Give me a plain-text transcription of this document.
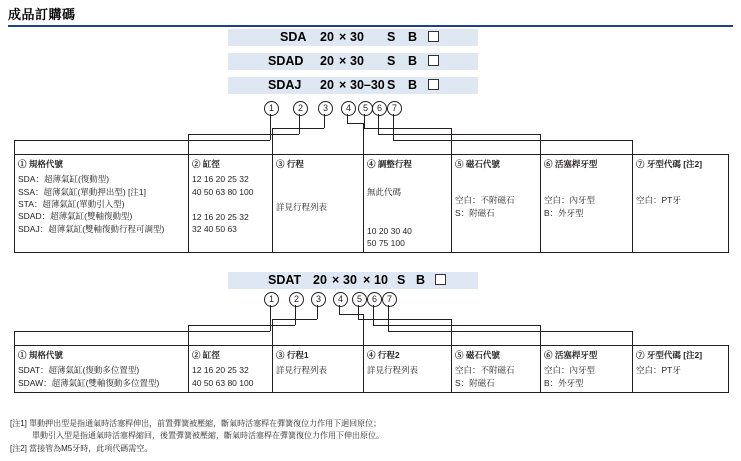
成品訂購碼
SDA 20 × 30 S B
SDAD 20 × 30 S B
SDAJ 20 × 30–30 S B
1	2	3	4	5 6	7
① 規格代號
SDA：超薄氣缸(復動型)
SSA：超薄氣缸(單動押出型) [注1]
STA：超薄氣缸(單動引入型)
SDAD：超薄氣缸(雙軸復動型)
SDAJ：超薄氣缸(雙軸復動行程可調型)

② 缸徑
12 16 20 25 32
40 50 63 80 100
12 16 20 25 32
32 40 50 63

③ 行程
詳見行程列表

④ 調整行程
無此代碼
10 20 30 40
50 75 100

⑤ 磁石代號
空白：不附磁石
S：附磁石

⑥ 活塞桿牙型
空白：內牙型
B：外牙型

⑦ 牙型代碼 [注2]
空白：PT牙
SDAT 20 × 30 × 10 S B
1	2	3	4	5	6	7
① 規格代號
SDAT：超薄氣缸(復動多位置型)
SDAW：超薄氣缸(雙軸復動多位置型)

② 缸徑
12 16 20 25 32
40 50 63 80 100

③ 行程1
詳見行程列表

④ 行程2
詳見行程列表

⑤ 磁石代號
空白：不附磁石
S：附磁石

⑥ 活塞桿牙型
空白：內牙型
B：外牙型

⑦ 牙型代碼 [注2]
空白：PT牙
[注1] 單動押出型是指通氣時活塞桿伸出，前置彈簧被壓縮，斷氣時活塞桿在彈簧復位力作用下迴回原位；
單動引入型是指通氣時活塞桿縮回，後置彈簧被壓縮，斷氣時活塞桿在彈簧復位力作用下伸出原位。
[注2] 當接管為M5牙時，此項代碼需空。
